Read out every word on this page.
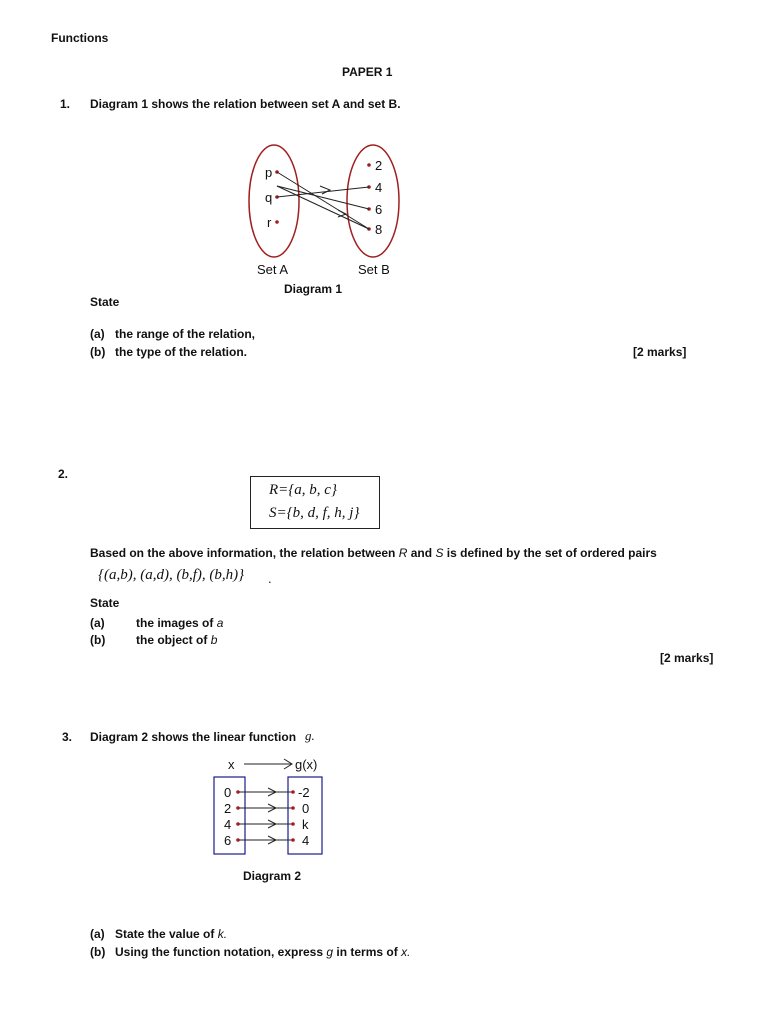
Functions
PAPER 1
1. Diagram 1 shows the relation between set A and set B.
p
q
r
2
4
6
8
Set A	Set B
Diagram 1
State
(a) the range of the relation,
(b) the type of the relation.	[2 marks]
2.
R={a, b, c}
S={b, d, f, h, j}
Based on the above information, the relation between R and S is defined by the set of ordered pairs
{(a,b), (a,d), (b,f), (b,h)} .
State
(a)	the images of a
(b)	the object of b
[2 marks]
3. Diagram 2 shows the linear function g.
x	g(x)
0
2
4
6
-2
0
k
4
Diagram 2
(a) State the value of k.
(b) Using the function notation, express g in terms of x.
